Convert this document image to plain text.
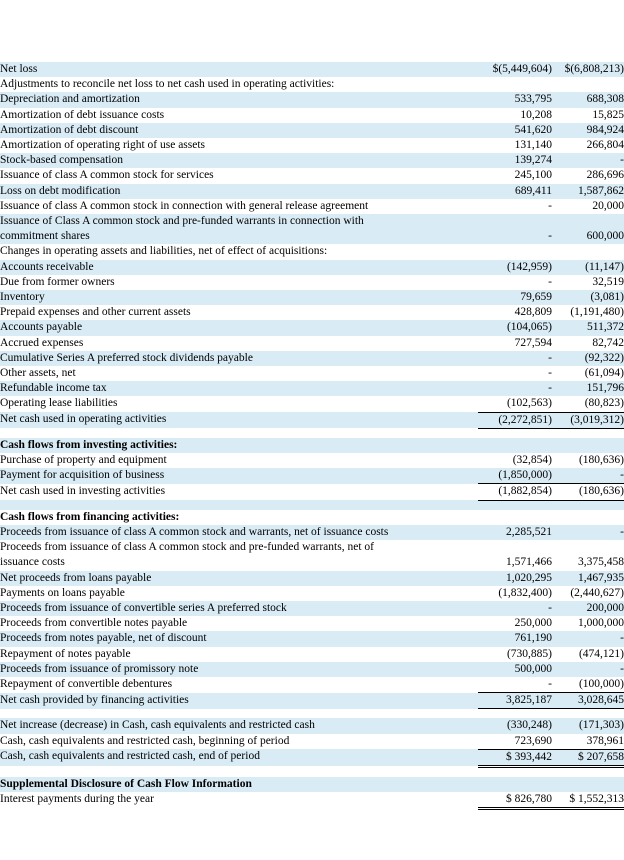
Net loss	$(5,449,604)	$(6,808,213)
Adjustments to reconcile net loss to net cash used in operating activities:		
Depreciation and amortization	533,795	688,308
Amortization of debt issuance costs	10,208	15,825
Amortization of debt discount	541,620	984,924
Amortization of operating right of use assets	131,140	266,804
Stock-based compensation	139,274	-
Issuance of class A common stock for services	245,100	286,696
Loss on debt modification	689,411	1,587,862
Issuance of class A common stock in connection with general release agreement	-	20,000
Issuance of Class A common stock and pre-funded warrants in connection with		
commitment shares	-	600,000
Changes in operating assets and liabilities, net of effect of acquisitions:		
Accounts receivable	(142,959)	(11,147)
Due from former owners	-	32,519
Inventory	79,659	(3,081)
Prepaid expenses and other current assets	428,809	(1,191,480)
Accounts payable	(104,065)	511,372
Accrued expenses	727,594	82,742
Cumulative Series A preferred stock dividends payable	-	(92,322)
Other assets, net	-	(61,094)
Refundable income tax	-	151,796
Operating lease liabilities	(102,563)	(80,823)
Net cash used in operating activities	(2,272,851)	(3,019,312)

Cash flows from investing activities:		
Purchase of property and equipment	(32,854)	(180,636)
Payment for acquisition of business	(1,850,000)	-
Net cash used in investing activities	(1,882,854)	(180,636)

Cash flows from financing activities:		
Proceeds from issuance of class A common stock and warrants, net of issuance costs	2,285,521	-
Proceeds from issuance of class A common stock and pre-funded warrants, net of		
issuance costs	1,571,466	3,375,458
Net proceeds from loans payable	1,020,295	1,467,935
Payments on loans payable	(1,832,400)	(2,440,627)
Proceeds from issuance of convertible series A preferred stock	-	200,000
Proceeds from convertible notes payable	250,000	1,000,000
Proceeds from notes payable, net of discount	761,190	-
Repayment of notes payable	(730,885)	(474,121)
Proceeds from issuance of promissory note	500,000	-
Repayment of convertible debentures	-	(100,000)
Net cash provided by financing activities	3,825,187	3,028,645

Net increase (decrease) in Cash, cash equivalents and restricted cash	(330,248)	(171,303)
Cash, cash equivalents and restricted cash, beginning of period	723,690	378,961
Cash, cash equivalents and restricted cash, end of period	$ 393,442	$ 207,658

Supplemental Disclosure of Cash Flow Information		
Interest payments during the year	$ 826,780	$ 1,552,313
